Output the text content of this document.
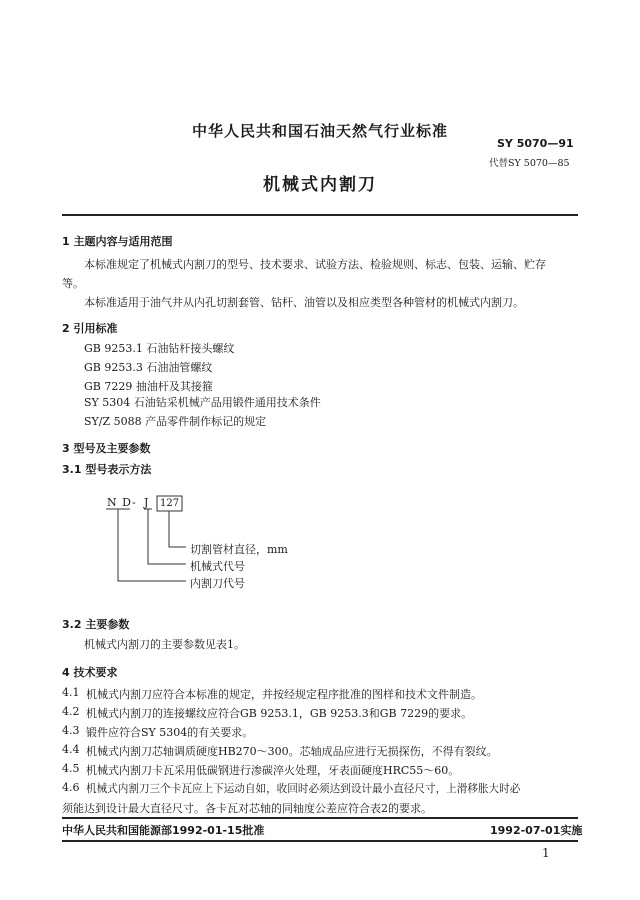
中华人民共和国石油天然气行业标准
SY 5070—91
代替SY 5070—85
机械式内割刀
1 主题内容与适用范围
本标准规定了机械式内割刀的型号、技术要求、试验方法、检验规则、标志、包装、运输、贮存
等。
本标准适用于油气井从内孔切割套管、钻杆、油管以及相应类型各种管材的机械式内割刀。
2 引用标准
GB 9253.1 石油钻杆接头螺纹
GB 9253.3 石油油管螺纹
GB 7229 抽油杆及其接箍
SY 5304 石油钻采机械产品用锻件通用技术条件
SY/Z 5088 产品零件制作标记的规定
3 型号及主要参数
3.1 型号表示方法
N D - J 127
切割管材直径，mm
机械式代号
内割刀代号
3.2 主要参数
机械式内割刀的主要参数见表1。
4 技术要求
4.1 机械式内割刀应符合本标准的规定，并按经规定程序批准的图样和技术文件制造。
4.2 机械式内割刀的连接螺纹应符合GB 9253.1，GB 9253.3和GB 7229的要求。
4.3 锻件应符合SY 5304的有关要求。
4.4 机械式内割刀芯轴调质硬度HB270～300。芯轴成品应进行无损探伤，不得有裂纹。
4.5 机械式内割刀卡瓦采用低碳钢进行渗碳淬火处理，牙表面硬度HRC55～60。
4.6 机械式内割刀三个卡瓦应上下运动自如，收回时必须达到设计最小直径尺寸，上滑移胀大时必
须能达到设计最大直径尺寸。各卡瓦对芯轴的同轴度公差应符合表2的要求。
中华人民共和国能源部1992-01-15批准	1992-07-01实施
1
